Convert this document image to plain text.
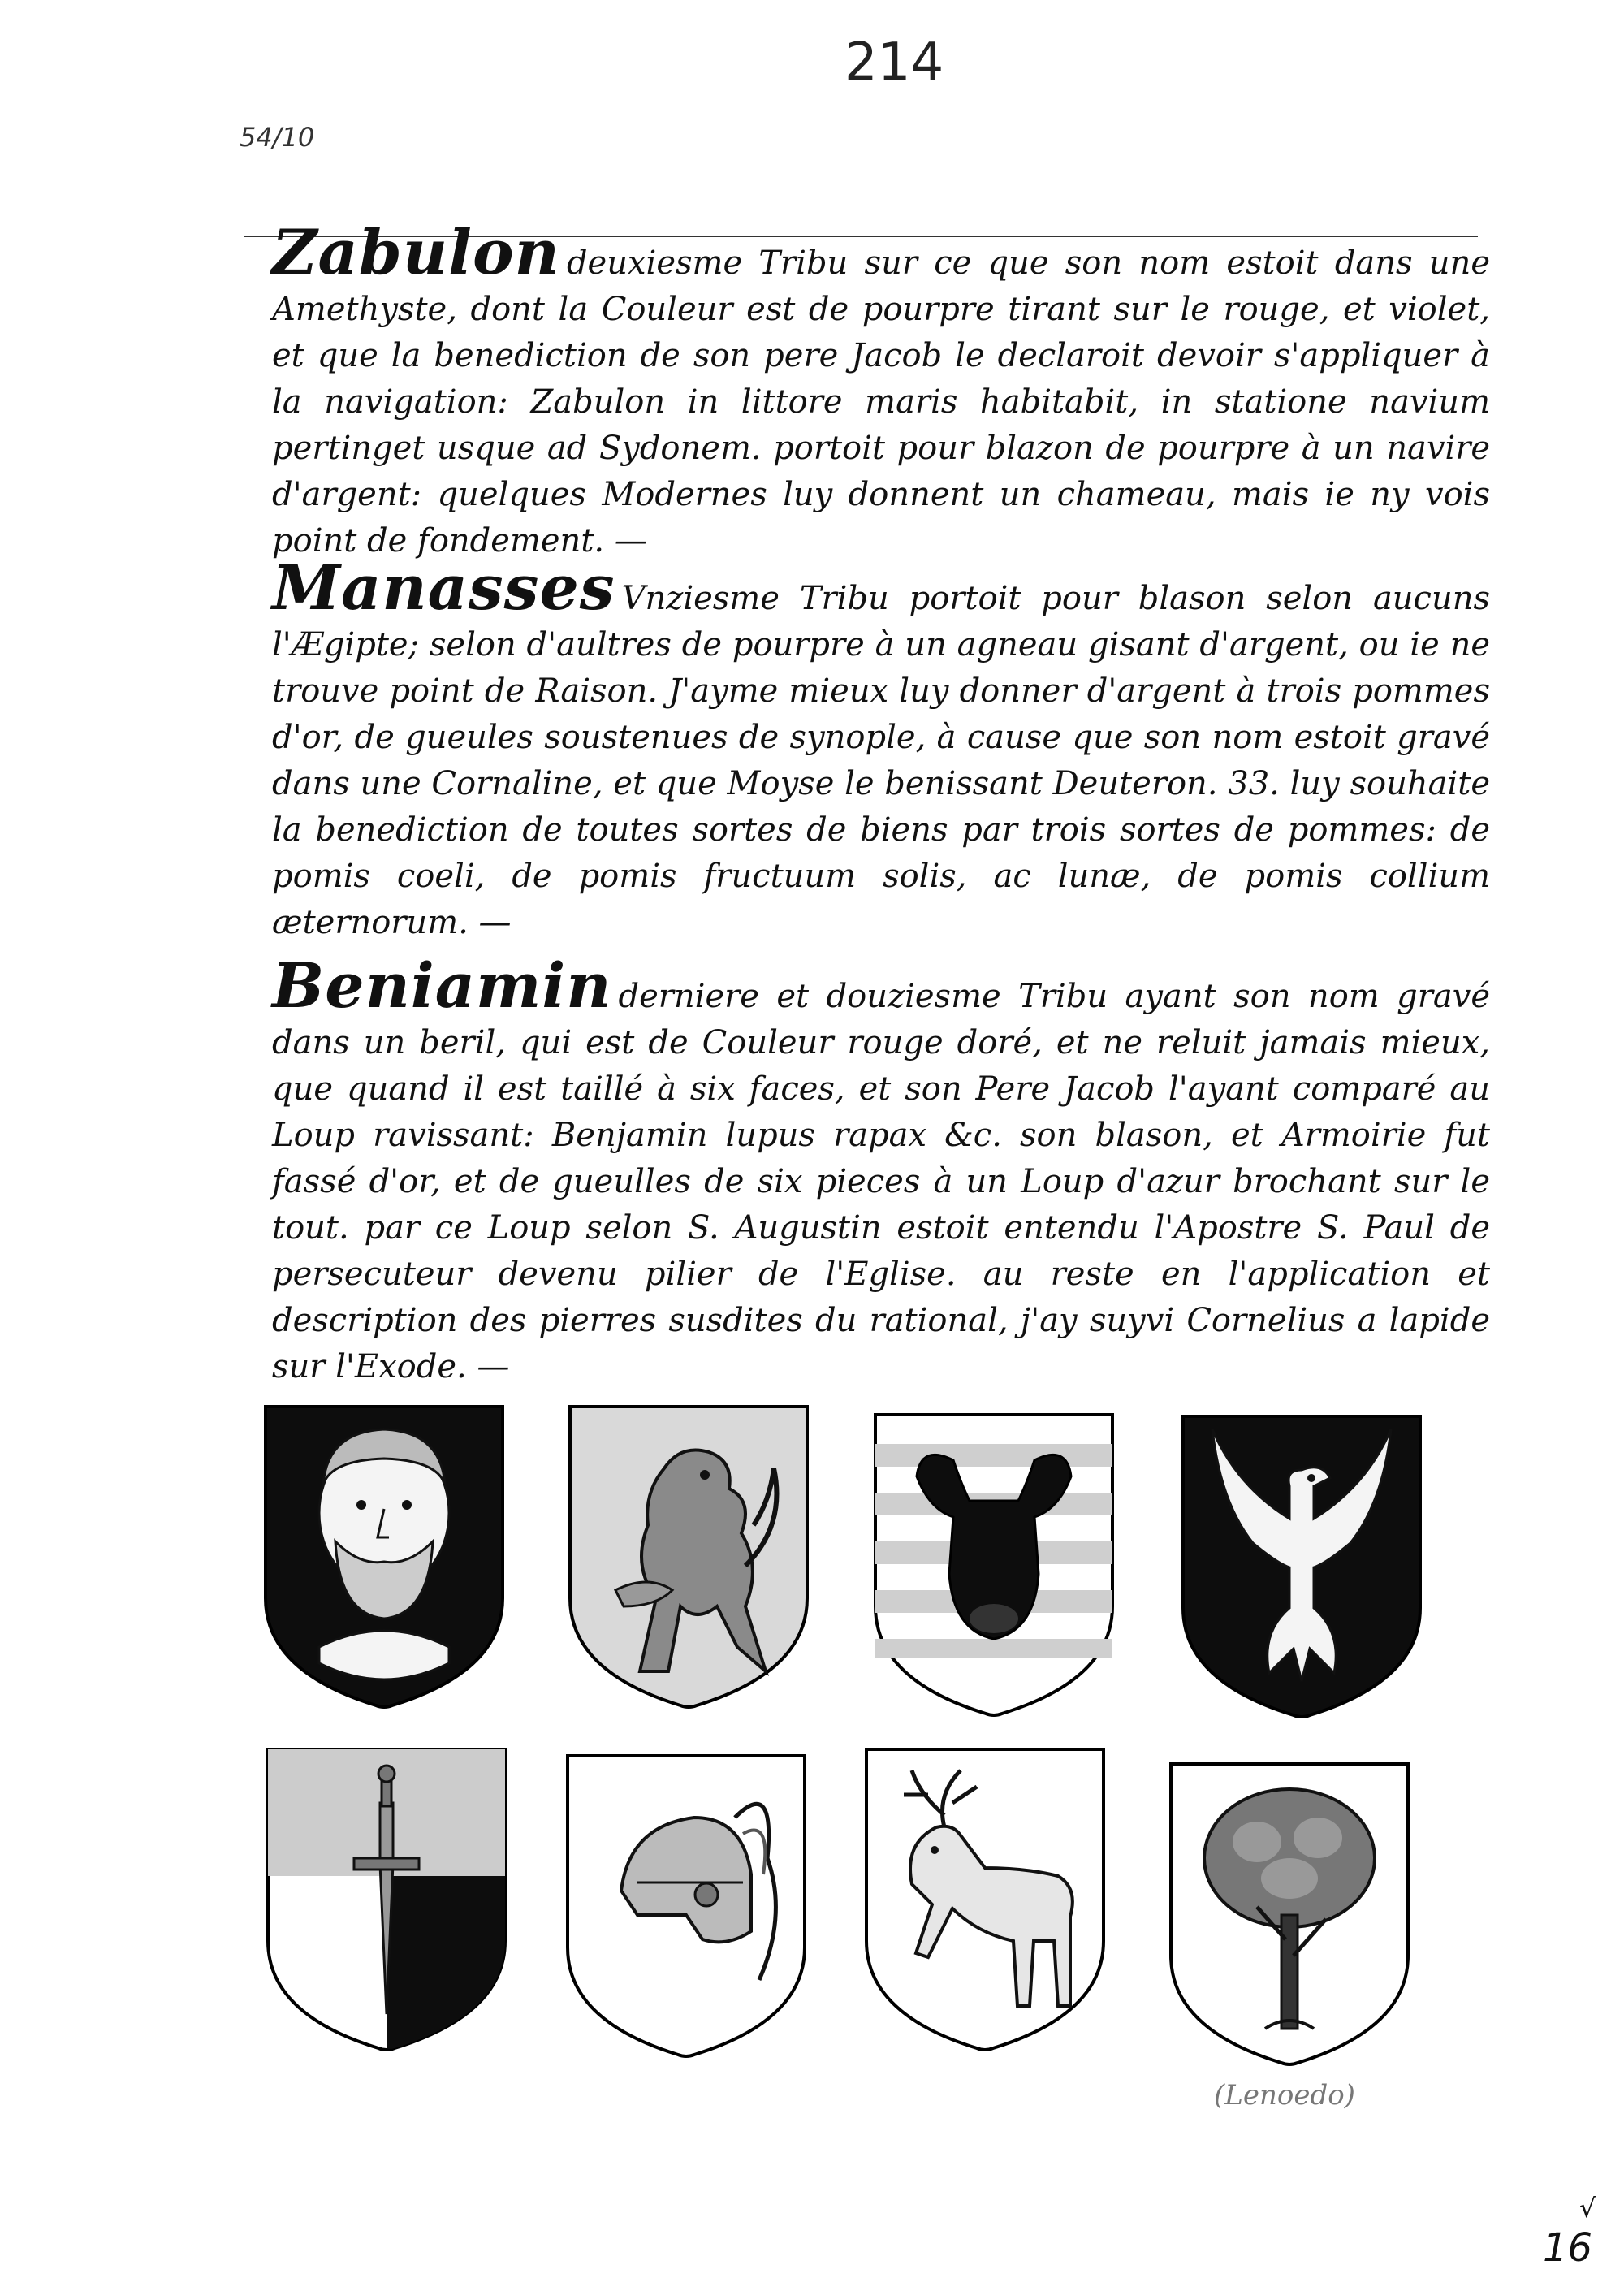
214
54/10
Zabulon deuxiesme Tribu sur ce que son nom estoit dans une Amethyste, dont la Couleur est de pourpre tirant sur le rouge, et violet, et que la benediction de son pere Jacob le declaroit devoir s'appliquer à la navigation: Zabulon in littore maris habitabit, in statione navium pertinget usque ad Sydonem. portoit pour blazon de pourpre à un navire d'argent: quelques Modernes luy donnent un chameau, mais ie ny vois point de fondement. —
Manasses Vnziesme Tribu portoit pour blason selon aucuns l'Ægipte; selon d'aultres de pourpre à un agneau gisant d'argent, ou ie ne trouve point de Raison. J'ayme mieux luy donner d'argent à trois pommes d'or, de gueules soustenues de synople, à cause que son nom estoit gravé dans une Cornaline, et que Moyse le benissant Deuteron. 33. luy souhaite la benediction de toutes sortes de biens par trois sortes de pommes: de pomis coeli, de pomis fructuum solis, ac lunæ, de pomis collium æternorum. —
Beniamin derniere et douziesme Tribu ayant son nom gravé dans un beril, qui est de Couleur rouge doré, et ne reluit jamais mieux, que quand il est taillé à six faces, et son Pere Jacob l'ayant comparé au Loup ravissant: Benjamin lupus rapax &c. son blason, et Armoirie fut fassé d'or, et de gueulles de six pieces à un Loup d'azur brochant sur le tout. par ce Loup selon S. Augustin estoit entendu l'Apostre S. Paul de persecuteur devenu pilier de l'Eglise. au reste en l'application et description des pierres susdites du rational, j'ay suyvi Cornelius a lapide sur l'Exode. —
(Lenoedo)
√
16
